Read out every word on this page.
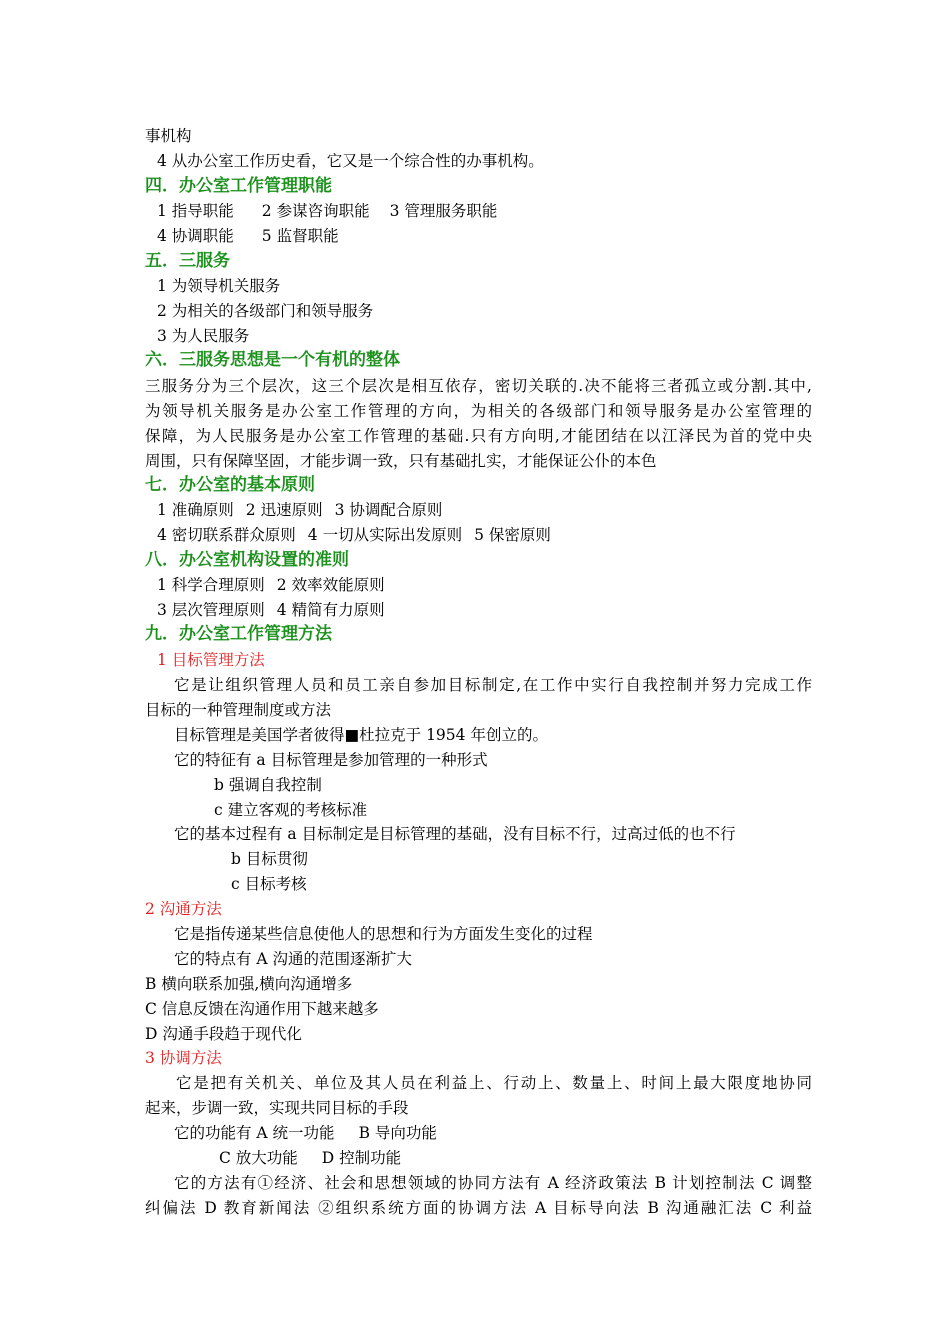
事机构
4 从办公室工作历史看，它又是一个综合性的办事机构。
四．办公室工作管理职能
1 指导职能 2 参谋咨询职能 3 管理服务职能
4 协调职能 5 监督职能
五．三服务
1 为领导机关服务
2 为相关的各级部门和领导服务
3 为人民服务
六．三服务思想是一个有机的整体
三服务分为三个层次，这三个层次是相互依存，密切关联的.决不能将三者孤立或分割.其中,
为领导机关服务是办公室工作管理的方向，为相关的各级部门和领导服务是办公室管理的
保障，为人民服务是办公室工作管理的基础.只有方向明,才能团结在以江泽民为首的党中央
周围，只有保障坚固，才能步调一致，只有基础扎实，才能保证公仆的本色
七．办公室的基本原则
1 准确原则 2 迅速原则 3 协调配合原则
4 密切联系群众原则 4 一切从实际出发原则 5 保密原则
八．办公室机构设置的准则
1 科学合理原则 2 效率效能原则
3 层次管理原则 4 精简有力原则
九．办公室工作管理方法
1 目标管理方法
它是让组织管理人员和员工亲自参加目标制定,在工作中实行自我控制并努力完成工作
目标的一种管理制度或方法
目标管理是美国学者彼得■杜拉克于 1954 年创立的。
它的特征有 a 目标管理是参加管理的一种形式
b 强调自我控制
c 建立客观的考核标准
它的基本过程有 a 目标制定是目标管理的基础，没有目标不行，过高过低的也不行
b 目标贯彻
c 目标考核
2 沟通方法
它是指传递某些信息使他人的思想和行为方面发生变化的过程
它的特点有 A 沟通的范围逐渐扩大
B 横向联系加强,横向沟通增多
C 信息反馈在沟通作用下越来越多
D 沟通手段趋于现代化
3 协调方法
它是把有关机关、单位及其人员在利益上、行动上、数量上、时间上最大限度地协同
起来，步调一致，实现共同目标的手段
它的功能有 A 统一功能 B 导向功能
C 放大功能 D 控制功能
它的方法有①经济、社会和思想领域的协同方法有 A 经济政策法 B 计划控制法 C 调整
纠偏法 D 教育新闻法 ②组织系统方面的协调方法 A 目标导向法 B 沟通融汇法 C 利益
